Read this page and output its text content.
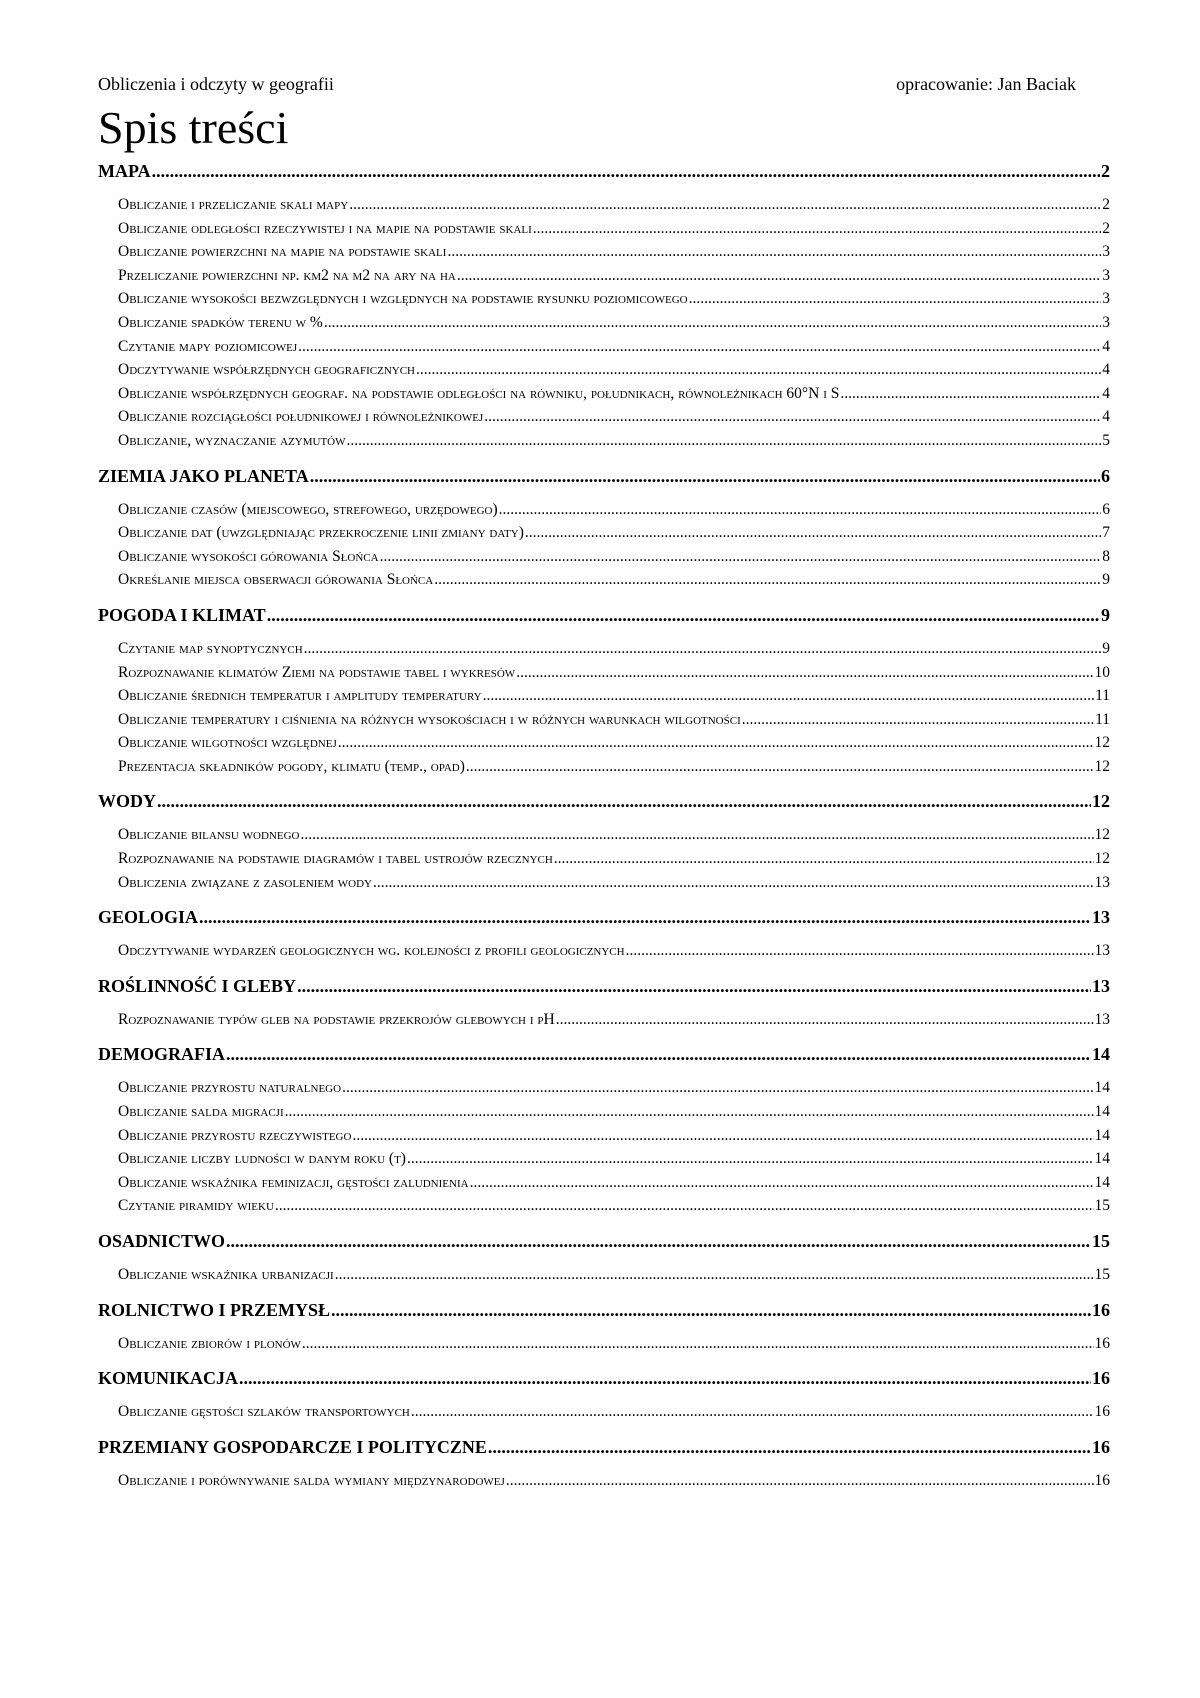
Obliczenia i odczyty w geografii	opracowanie: Jan Baciak
Spis treści
MAPA .....	2
Obliczanie i przeliczanie skali mapy .....	2
Obliczanie odległości rzeczywistej i na mapie na podstawie skali .....	2
Obliczanie powierzchni na mapie na podstawie skali .....	3
Przeliczanie powierzchni np. km2 na m2 na ary na ha .....	3
Obliczanie wysokości bezwzględnych i względnych na podstawie rysunku poziomicowego .....	3
Obliczanie spadków terenu w % .....	3
Czytanie mapy poziomicowej .....	4
Odczytywanie współrzędnych geograficznych .....	4
Obliczanie współrzędnych geograf. na podstawie odległości na równiku, południkach, równoleżnikach 60°N i S .....	4
Obliczanie rozciągłości południkowej i równoleżnikowej .....	4
Obliczanie, wyznaczanie azymutów .....	5
ZIEMIA JAKO PLANETA .....	6
Obliczanie czasów (miejscowego, strefowego, urzędowego) .....	6
Obliczanie dat (uwzględniając przekroczenie linii zmiany daty) .....	7
Obliczanie wysokości górowania Słońca .....	8
Określanie miejsca obserwacji górowania Słońca .....	9
POGODA I KLIMAT .....	9
Czytanie map synoptycznych .....	9
Rozpoznawanie klimatów Ziemi na podstawie tabel i wykresów .....	10
Obliczanie średnich temperatur i amplitudy temperatury .....	11
Obliczanie temperatury i ciśnienia na różnych wysokościach i w różnych warunkach wilgotności .....	11
Obliczanie wilgotności względnej .....	12
Prezentacja składników pogody, klimatu (temp., opad) .....	12
WODY .....	12
Obliczanie bilansu wodnego .....	12
Rozpoznawanie na podstawie diagramów i tabel ustrojów rzecznych .....	12
Obliczenia związane z zasoleniem wody .....	13
GEOLOGIA .....	13
Odczytywanie wydarzeń geologicznych wg. kolejności z profili geologicznych .....	13
ROŚLINNOŚĆ I GLEBY .....	13
Rozpoznawanie typów gleb na podstawie przekrojów glebowych i pH .....	13
DEMOGRAFIA .....	14
Obliczanie przyrostu naturalnego .....	14
Obliczanie salda migracji .....	14
Obliczanie przyrostu rzeczywistego .....	14
Obliczanie liczby ludności w danym roku (t) .....	14
Obliczanie wskaźnika feminizacji, gęstości zaludnienia .....	14
Czytanie piramidy wieku .....	15
OSADNICTWO .....	15
Obliczanie wskaźnika urbanizacji .....	15
ROLNICTWO I PRZEMYSŁ .....	16
Obliczanie zbiorów i plonów .....	16
KOMUNIKACJA .....	16
Obliczanie gęstości szlaków transportowych .....	16
PRZEMIANY GOSPODARCZE I POLITYCZNE .....	16
Obliczanie i porównywanie salda wymiany międzynarodowej .....	16
